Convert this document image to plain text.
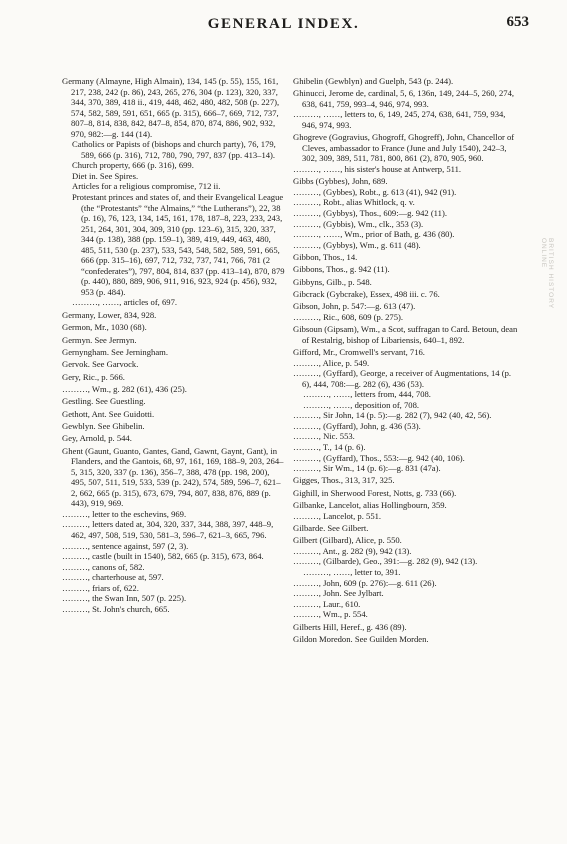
GENERAL INDEX.	653
Germany (Almayne, High Almain), 134, 145 (p. 55), 155, 161, 217, 238, 242 (p. 86), 243, 265, 276, 304 (p. 123), 320, 337, 344, 370, 389, 418 ii., 419, 448, 462, 480, 482, 508 (p. 227), 574, 582, 589, 591, 651, 665 (p. 315), 666–7, 669, 712, 737, 807–8, 814, 838, 842, 847–8, 854, 870, 874, 886, 902, 932, 970, 982:—g. 144 (14).
Catholics or Papists of (bishops and church party), 76, 179, 589, 666 (p. 316), 712, 780, 790, 797, 837 (pp. 413–14).
Church property, 666 (p. 316), 699.
Diet in. See Spires.
Articles for a religious compromise, 712 ii.
Protestant princes and states of, and their Evangelical League (the “Protestants” “the Almains,” “the Lutherans”), 22, 38 (p. 16), 76, 123, 134, 145, 161, 178, 187–8, 223, 233, 243, 251, 264, 301, 304, 309, 310 (pp. 123–6), 315, 320, 337, 344 (p. 138), 388 (pp. 159–1), 389, 419, 449, 463, 480, 485, 511, 530 (p. 237), 533, 543, 548, 582, 589, 591, 665, 666 (pp. 315–16), 697, 712, 732, 737, 741, 766, 781 (2 “confederates”), 797, 804, 814, 837 (pp. 413–14), 870, 879 (p. 440), 880, 889, 906, 911, 916, 923, 924 (p. 456), 932, 953 (p. 484).
………, ……, articles of, 697.
Germany, Lower, 834, 928.
Germon, Mr., 1030 (68).
Germyn. See Jermyn.
Gernyngham. See Jerningham.
Gervok. See Garvock.
Gery, Ric., p. 566.
………, Wm., g. 282 (61), 436 (25).
Gestling. See Guestling.
Gethott, Ant. See Guidotti.
Gewblyn. See Ghibelin.
Gey, Arnold, p. 544.
Ghent (Gaunt, Guanto, Gantes, Gand, Gawnt, Gaynt, Gant), in Flanders, and the Gantois, 68, 97, 161, 169, 188–9, 203, 264–5, 315, 320, 337 (p. 136), 356–7, 388, 478 (pp. 198, 200), 495, 507, 511, 519, 533, 539 (p. 242), 574, 589, 596–7, 621–2, 662, 665 (p. 315), 673, 679, 794, 807, 838, 876, 889 (p. 443), 919, 969.
………, letter to the eschevins, 969.
………, letters dated at, 304, 320, 337, 344, 388, 397, 448–9, 462, 497, 508, 519, 530, 581–3, 596–7, 621–3, 665, 796.
………, sentence against, 597 (2, 3).
………, castle (built in 1540), 582, 665 (p. 315), 673, 864.
………, canons of, 582.
………, charterhouse at, 597.
………, friars of, 622.
………, the Swan Inn, 507 (p. 225).
………, St. John's church, 665.
Ghibelin (Gewblyn) and Guelph, 543 (p. 244).
Ghinucci, Jerome de, cardinal, 5, 6, 136n, 149, 244–5, 260, 274, 638, 641, 759, 993–4, 946, 974, 993.
………, ……, letters to, 6, 149, 245, 274, 638, 641, 759, 934, 946, 974, 993.
Ghogreve (Gogravius, Ghogroff, Ghogreff), John, Chancellor of Cleves, ambassador to France (June and July 1540), 242–3, 302, 309, 389, 511, 781, 800, 861 (2), 870, 905, 960.
………, ……, his sister's house at Antwerp, 511.
Gibbs (Gybbes), John, 689.
………, (Gybbes), Robt., g. 613 (41), 942 (91).
………, Robt., alias Whitlock, q. v.
………, (Gybbys), Thos., 609:—g. 942 (11).
………, (Gybbis), Wm., clk., 353 (3).
………, ……, Wm., prior of Bath, g. 436 (80).
………, (Gybbys), Wm., g. 611 (48).
Gibbon, Thos., 14.
Gibbons, Thos., g. 942 (11).
Gibbyns, Gilb., p. 548.
Gibcrack (Gybcrake), Essex, 498 iii. c. 76.
Gibson, John, p. 547:—g. 613 (47).
………, Ric., 608, 609 (p. 275).
Gibsoun (Gipsam), Wm., a Scot, suffragan to Card. Betoun, dean of Restalrig, bishop of Libariensis, 640–1, 892.
Gifford, Mr., Cromwell's servant, 716.
………, Alice, p. 549.
………, (Gyffard), George, a receiver of Augmentations, 14 (p. 6), 444, 708:—g. 282 (6), 436 (53).
………, ……, letters from, 444, 708.
………, ……, deposition of, 708.
………, Sir John, 14 (p. 5):—g. 282 (7), 942 (40, 42, 56).
………, (Gyffard), John, g. 436 (53).
………, Nic. 553.
………, T., 14 (p. 6).
………, (Gyffard), Thos., 553:—g. 942 (40, 106).
………, Sir Wm., 14 (p. 6):—g. 831 (47a).
Gigges, Thos., 313, 317, 325.
Gighill, in Sherwood Forest, Notts, g. 733 (66).
Gilbanke, Lancelot, alias Hollingbourn, 359.
………, Lancelot, p. 551.
Gilbarde. See Gilbert.
Gilbert (Gilbard), Alice, p. 550.
………, Ant., g. 282 (9), 942 (13).
………, (Gilbarde), Geo., 391:—g. 282 (9), 942 (13).
………, ……, letter to, 391.
………, John, 609 (p. 276):—g. 611 (26).
………, John. See Jylbart.
………, Laur., 610.
………, Wm., p. 554.
Gilberts Hill, Heref., g. 436 (89).
Gildon Moredon. See Guilden Morden.
BRITISH HISTORY ONLINE
